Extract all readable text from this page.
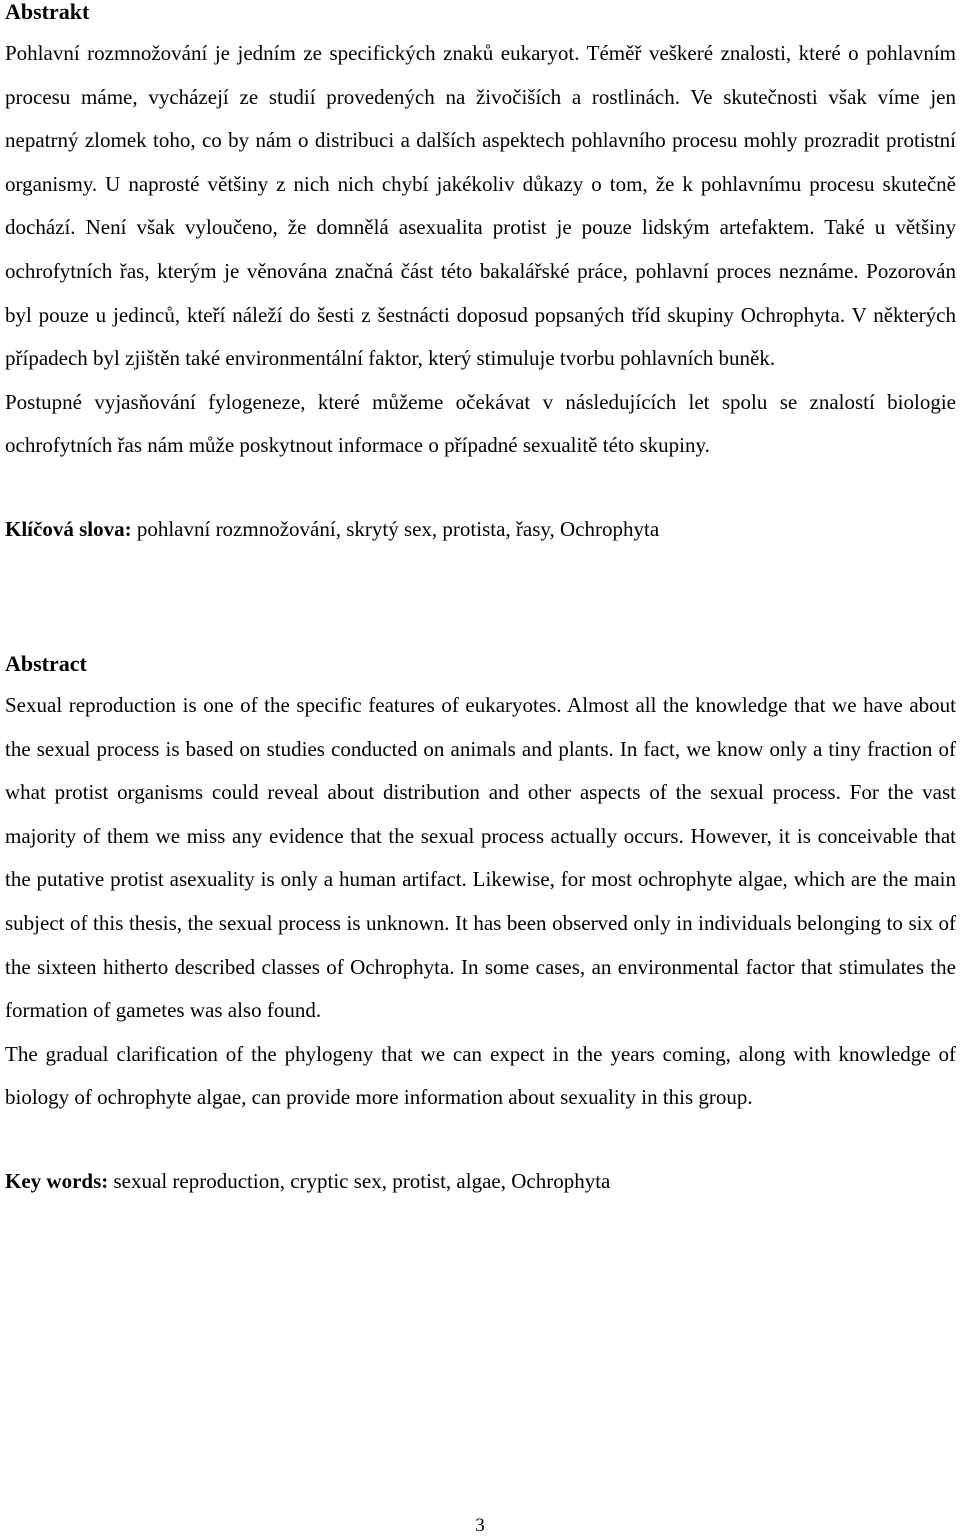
Abstrakt

Pohlavní rozmnožování je jedním ze specifických znaků eukaryot. Téměř veškeré znalosti, které o pohlavním procesu máme, vycházejí ze studií provedených na živočiších a rostlinách. Ve skutečnosti však víme jen nepatrný zlomek toho, co by nám o distribuci a dalších aspektech pohlavního procesu mohly prozradit protistní organismy. U naprosté většiny z nich nich chybí jakékoliv důkazy o tom, že k pohlavnímu procesu skutečně dochází. Není však vyloučeno, že domnělá asexualita protist je pouze lidským artefaktem. Také u většiny ochrofytních řas, kterým je věnována značná část této bakalářské práce, pohlavní proces neznáme. Pozorován byl pouze u jedinců, kteří náleží do šesti z šestnácti doposud popsaných tříd skupiny Ochrophyta. V některých případech byl zjištěn také environmentální faktor, který stimuluje tvorbu pohlavních buněk.

Postupné vyjasňování fylogeneze, které můžeme očekávat v následujících let spolu se znalostí biologie ochrofytních řas nám může poskytnout informace o případné sexualitě této skupiny.

Klíčová slova: pohlavní rozmnožování, skrytý sex, protista, řasy, Ochrophyta

Abstract

Sexual reproduction is one of the specific features of eukaryotes. Almost all the knowledge that we have about the sexual process is based on studies conducted on animals and plants. In fact, we know only a tiny fraction of what protist organisms could reveal about distribution and other aspects of the sexual process. For the vast majority of them we miss any evidence that the sexual process actually occurs. However, it is conceivable that the putative protist asexuality is only a human artifact. Likewise, for most ochrophyte algae, which are the main subject of this thesis, the sexual process is unknown. It has been observed only in individuals belonging to six of the sixteen hitherto described classes of Ochrophyta. In some cases, an environmental factor that stimulates the formation of gametes was also found.

The gradual clarification of the phylogeny that we can expect in the years coming, along with knowledge of biology of ochrophyte algae, can provide more information about sexuality in this group.

Key words: sexual reproduction, cryptic sex, protist, algae, Ochrophyta

3
